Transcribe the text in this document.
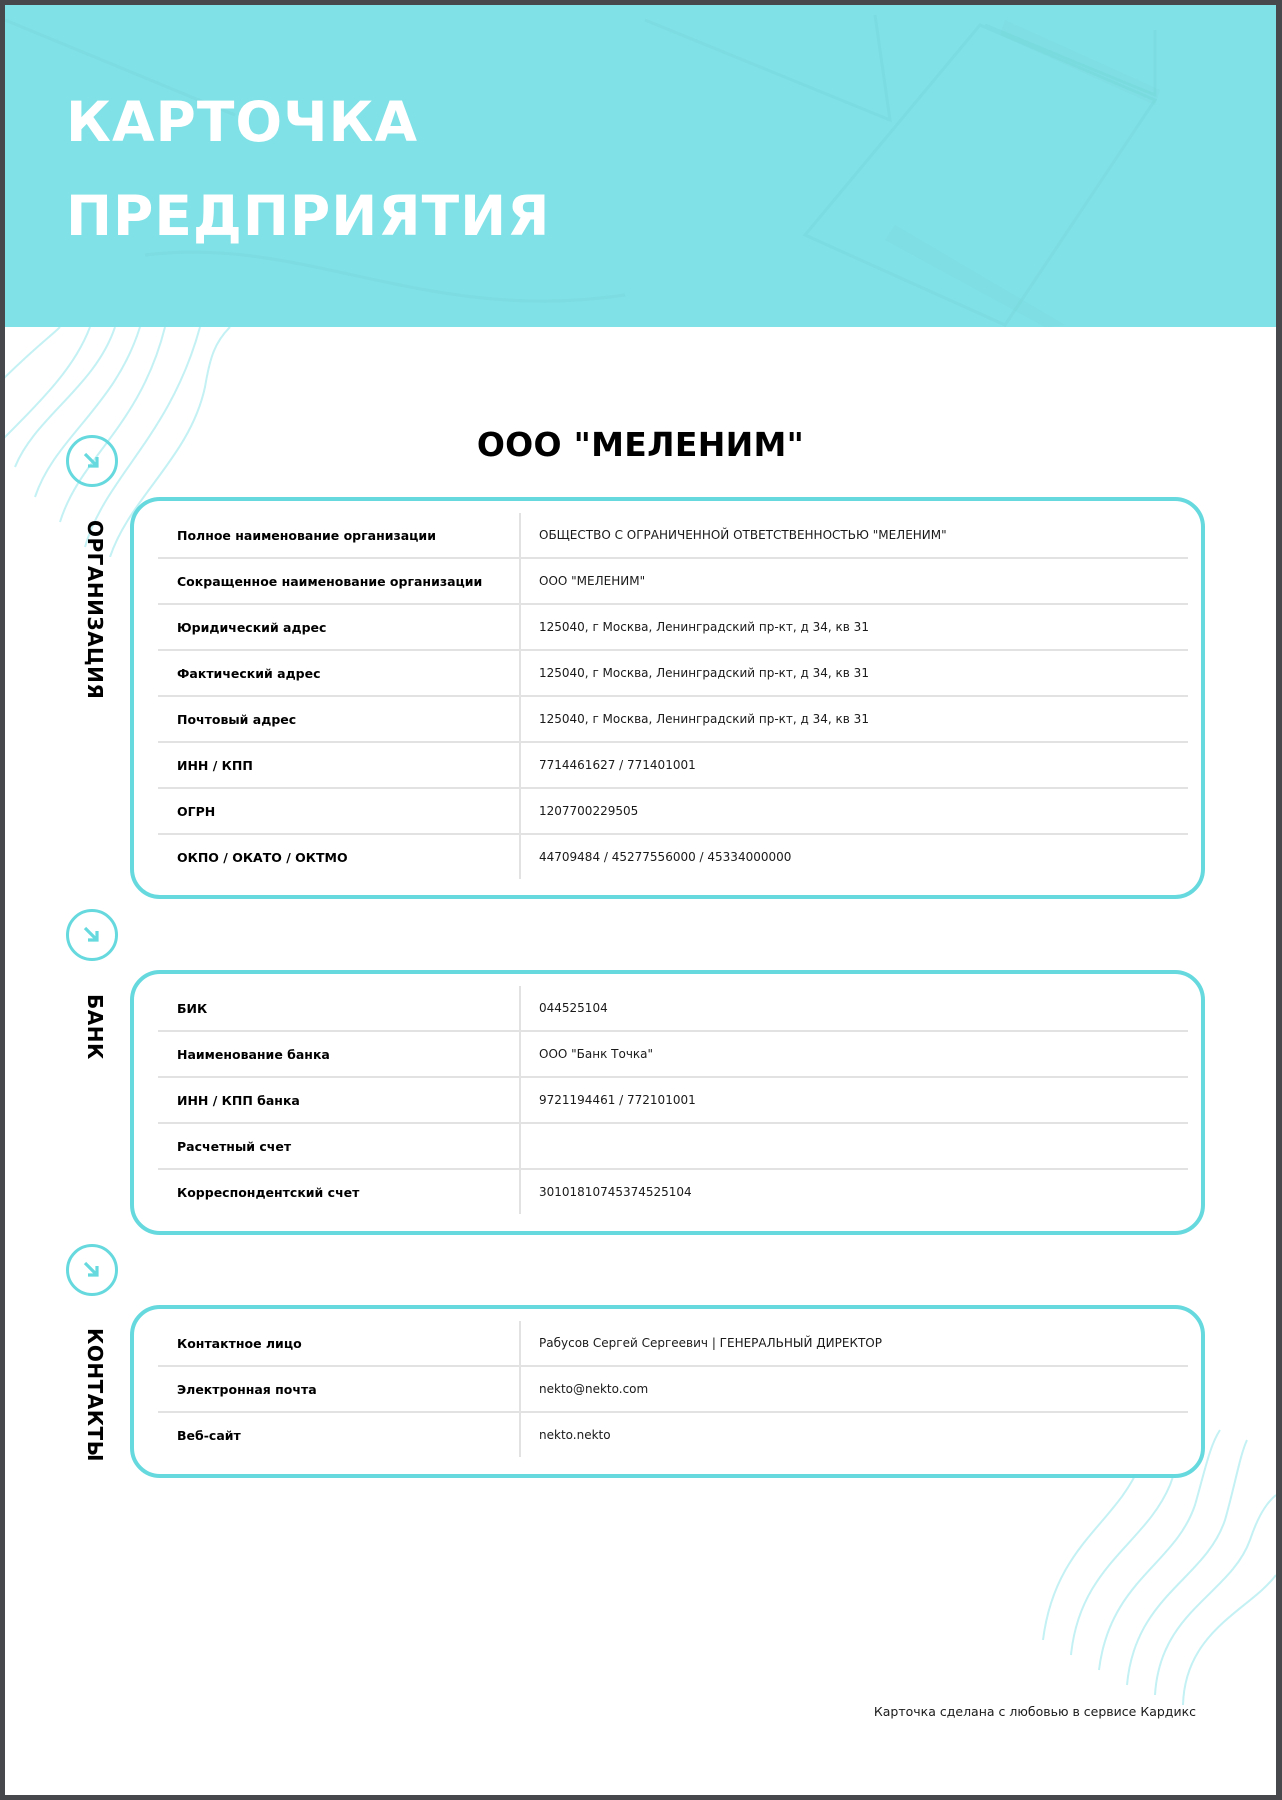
КАРТОЧКА
ПРЕДПРИЯТИЯ
ООО "МЕЛЕНИМ"
ОРГАНИЗАЦИЯ	Полное наименование организации	ОБЩЕСТВО С ОГРАНИЧЕННОЙ ОТВЕТСТВЕННОСТЬЮ "МЕЛЕНИМ"
Сокращенное наименование организации	ООО "МЕЛЕНИМ"
Юридический адрес	125040, г Москва, Ленинградский пр-кт, д 34, кв 31
Фактический адрес	125040, г Москва, Ленинградский пр-кт, д 34, кв 31
Почтовый адрес	125040, г Москва, Ленинградский пр-кт, д 34, кв 31
ИНН / КПП	7714461627 / 771401001
ОГРН	1207700229505
ОКПО / ОКАТО / ОКТМО	44709484 / 45277556000 / 45334000000
БАНК	БИК	044525104
Наименование банка	ООО "Банк Точка"
ИНН / КПП банка	9721194461 / 772101001
Расчетный счет	
Корреспондентский счет	30101810745374525104
КОНТАКТЫ	Контактное лицо	Рабусов Сергей Сергеевич | ГЕНЕРАЛЬНЫЙ ДИРЕКТОР
Электронная почта	nekto@nekto.com
Веб-сайт	nekto.nekto
Карточка сделана с любовью в сервисе Кардикс
